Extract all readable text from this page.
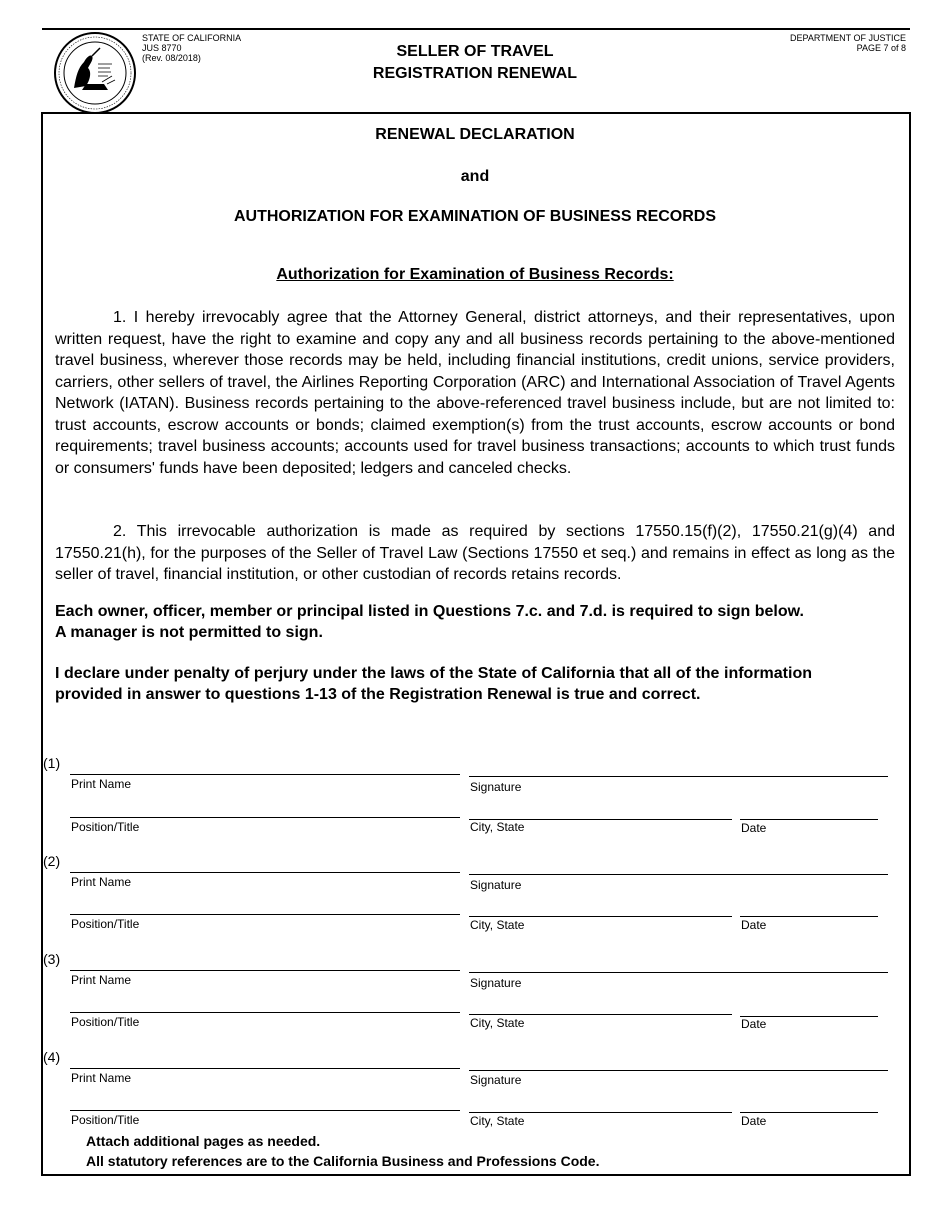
STATE OF CALIFORNIA
JUS 8770
(Rev. 08/2018)	SELLER OF TRAVEL
REGISTRATION RENEWAL
DEPARTMENT OF JUSTICE
PAGE 7 of 8
RENEWAL DECLARATION
and
AUTHORIZATION FOR EXAMINATION OF BUSINESS RECORDS
Authorization for Examination of Business Records:

1. I hereby irrevocably agree that the Attorney General, district attorneys, and their representatives, upon written request, have the right to examine and copy any and all business records pertaining to the above-mentioned travel business, wherever those records may be held, including financial institutions, credit unions, service providers, carriers, other sellers of travel, the Airlines Reporting Corporation (ARC) and International Association of Travel Agents Network (IATAN). Business records pertaining to the above-referenced travel business include, but are not limited to: trust accounts, escrow accounts or bonds; claimed exemption(s) from the trust accounts, escrow accounts or bond requirements; travel business accounts; accounts used for travel business transactions; accounts to which trust funds or consumers' funds have been deposited; ledgers and canceled checks.

2. This irrevocable authorization is made as required by sections 17550.15(f)(2), 17550.21(g)(4) and 17550.21(h), for the purposes of the Seller of Travel Law (Sections 17550 et seq.) and remains in effect as long as the seller of travel, financial institution, or other custodian of records retains records.

Each owner, officer, member or principal listed in Questions 7.c. and 7.d. is required to sign below. A manager is not permitted to sign.

I declare under penalty of perjury under the laws of the State of California that all of the information provided in answer to questions 1-13 of the Registration Renewal is true and correct.

(1)
Print Name	Signature
Position/Title	City, State	Date
(2)
Print Name	Signature
Position/Title	City, State	Date
(3)
Print Name	Signature
Position/Title	City, State	Date
(4)
Print Name	Signature
Position/Title	City, State	Date
Attach additional pages as needed.
All statutory references are to the California Business and Professions Code.
